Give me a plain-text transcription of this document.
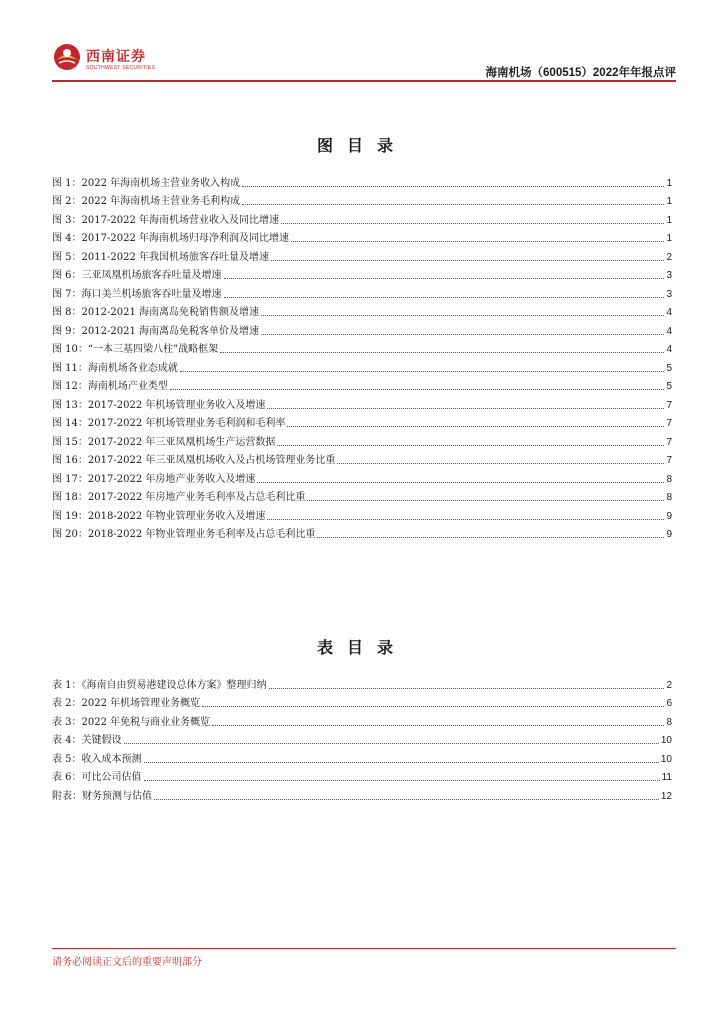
西南证券
SOUTHWEST SECURITIES	海南机场（600515）2022年年报点评
图目录
图 1：2022 年海南机场主营业务收入构成	1
图 2：2022 年海南机场主营业务毛利构成	1
图 3：2017-2022 年海南机场营业收入及同比增速	1
图 4：2017-2022 年海南机场归母净利润及同比增速	1
图 5：2011-2022 年我国机场旅客吞吐量及增速	2
图 6：三亚凤凰机场旅客吞吐量及增速	3
图 7：海口美兰机场旅客吞吐量及增速	3
图 8：2012-2021 海南离岛免税销售额及增速	4
图 9：2012-2021 海南离岛免税客单价及增速	4
图 10：“一本三基四梁八柱”战略框架	4
图 11：海南机场各业态成就	5
图 12：海南机场产业类型	5
图 13：2017-2022 年机场管理业务收入及增速	7
图 14：2017-2022 年机场管理业务毛利润和毛利率	7
图 15：2017-2022 年三亚凤凰机场生产运营数据	7
图 16：2017-2022 年三亚凤凰机场收入及占机场管理业务比重	7
图 17：2017-2022 年房地产业务收入及增速	8
图 18：2017-2022 年房地产业务毛利率及占总毛利比重	8
图 19：2018-2022 年物业管理业务收入及增速	9
图 20：2018-2022 年物业管理业务毛利率及占总毛利比重	9
表目录
表 1：《海南自由贸易港建设总体方案》整理归纳	2
表 2：2022 年机场管理业务概览	6
表 3：2022 年免税与商业业务概览	8
表 4：关键假设	10
表 5：收入成本预测	10
表 6：可比公司估值	11
附表：财务预测与估值	12
请务必阅读正文后的重要声明部分
